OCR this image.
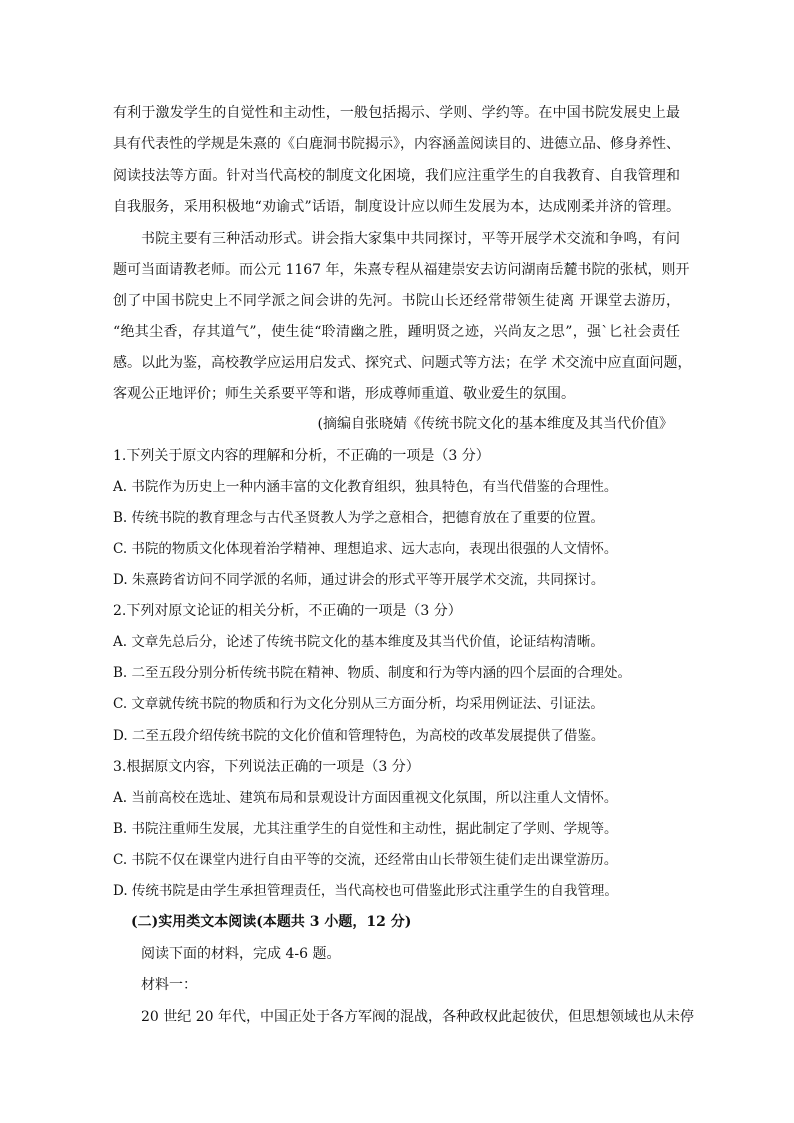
有利于激发学生的自觉性和主动性，一般包括揭示、学则、学约等。在中国书院发展史上最
具有代表性的学规是朱熹的《白鹿洞书院揭示》，内容涵盖阅读目的、进德立品、修身养性、
阅读技法等方面。针对当代高校的制度文化困境，我们应注重学生的自我教育、自我管理和
自我服务，采用积极地“劝谕式”话语，制度设计应以师生发展为本，达成刚柔并济的管理。
书院主要有三种活动形式。讲会指大家集中共同探讨，平等开展学术交流和争鸣，有问
题可当面请教老师。而公元 1167 年，朱熹专程从福建崇安去访问湖南岳麓书院的张栻，则开
创了中国书院史上不同学派之间会讲的先河。书院山长还经常带领生徒离 开课堂去游历，
“绝其尘香，存其道气”，使生徒“聆清幽之胜，踵明贤之迹，兴尚友之思”，强`匕社会责任
感。以此为鉴，高校教学应运用启发式、探究式、问题式等方法；在学 术交流中应直面问题，
客观公正地评价；师生关系要平等和谐，形成尊师重道、敬业爱生的氛围。
(摘编自张晓婧《传统书院文化的基本维度及其当代价值》
1.下列关于原文内容的理解和分析，不正确的一项是（3 分）
A. 书院作为历史上一种内涵丰富的文化教育组织，独具特色，有当代借鉴的合理性。
B. 传统书院的教育理念与古代圣贤教人为学之意相合，把德育放在了重要的位置。
C. 书院的物质文化体现着治学精神、理想追求、远大志向，表现出很强的人文情怀。
D. 朱熹跨省访问不同学派的名师，通过讲会的形式平等开展学术交流，共同探讨。
2.下列对原文论证的相关分析，不正确的一项是（3 分）
A. 文章先总后分，论述了传统书院文化的基本维度及其当代价值，论证结构清晰。
B. 二至五段分别分析传统书院在精神、物质、制度和行为等内涵的四个层面的合理处。
C. 文章就传统书院的物质和行为文化分别从三方面分析，均采用例证法、引证法。
D. 二至五段介绍传统书院的文化价值和管理特色，为高校的改革发展提供了借鉴。
3.根据原文内容，下列说法正确的一项是（3 分）
A. 当前高校在选址、建筑布局和景观设计方面因重视文化氛围，所以注重人文情怀。
B. 书院注重师生发展，尤其注重学生的自觉性和主动性，据此制定了学则、学规等。
C. 书院不仅在课堂内进行自由平等的交流，还经常由山长带领生徒们走出课堂游历。
D. 传统书院是由学生承担管理责任，当代高校也可借鉴此形式注重学生的自我管理。
(二)实用类文本阅读(本题共 3 小题，12 分)
阅读下面的材料，完成 4-6 题。
材料一：
20 世纪 20 年代，中国正处于各方军阀的混战，各种政权此起彼伏，但思想领域也从未停
